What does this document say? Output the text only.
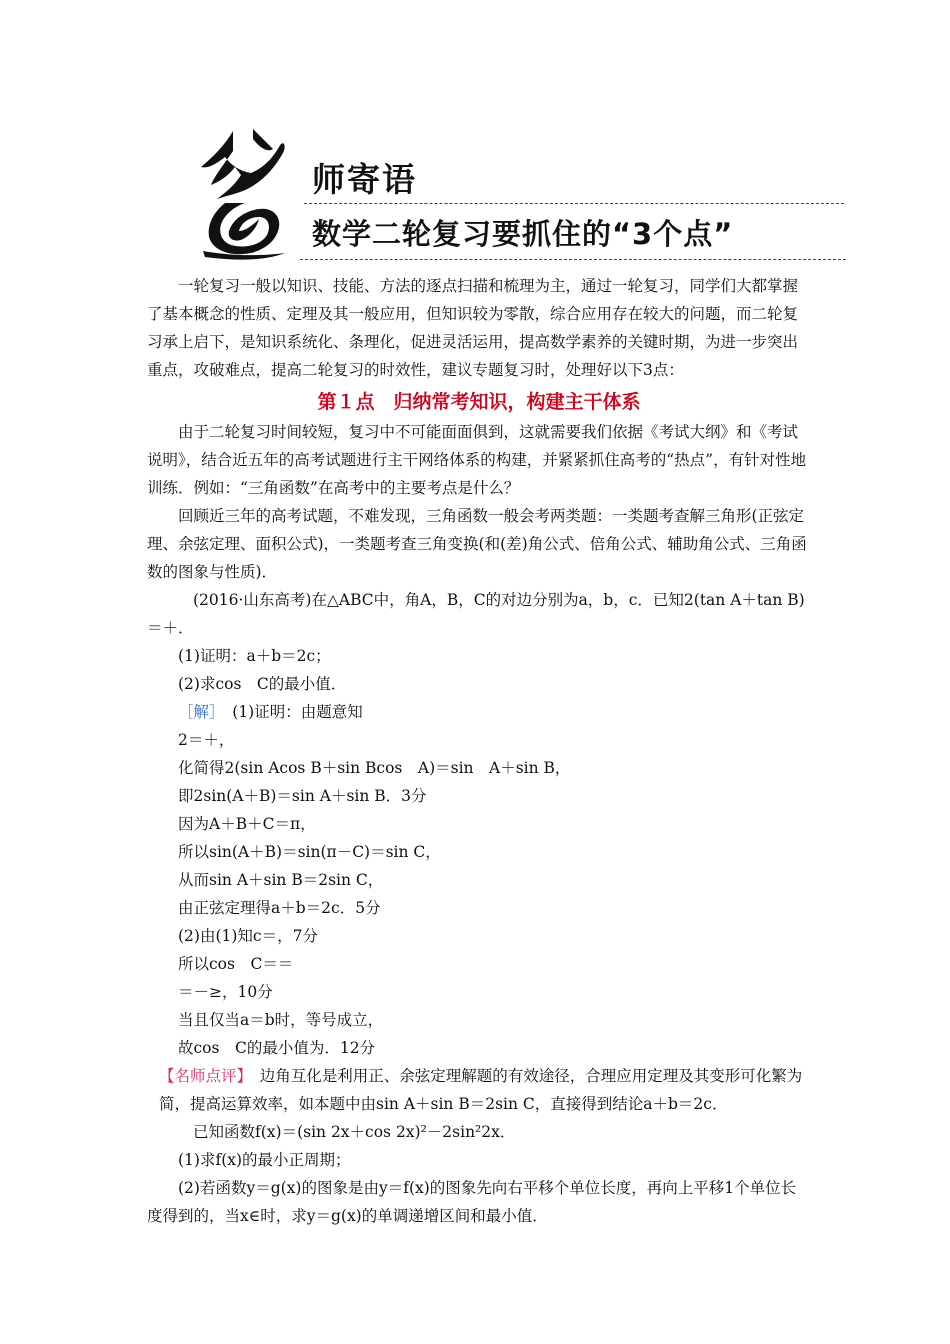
师寄语
数学二轮复习要抓住的“3个点”

一轮复习一般以知识、技能、方法的逐点扫描和梳理为主，通过一轮复习，同学们大都掌握了基本概念的性质、定理及其一般应用，但知识较为零散，综合应用存在较大的问题，而二轮复习承上启下，是知识系统化、条理化，促进灵活运用，提高数学素养的关键时期，为进一步突出重点，攻破难点，提高二轮复习的时效性，建议专题复习时，处理好以下3点：

第１点　归纳常考知识，构建主干体系

由于二轮复习时间较短，复习中不可能面面俱到，这就需要我们依据《考试大纲》和《考试说明》，结合近五年的高考试题进行主干网络体系的构建，并紧紧抓住高考的“热点”，有针对性地训练．例如：“三角函数”在高考中的主要考点是什么？

回顾近三年的高考试题，不难发现，三角函数一般会考两类题：一类题考查解三角形(正弦定理、余弦定理、面积公式)，一类题考查三角变换(和(差)角公式、倍角公式、辅助角公式、三角函数的图象与性质)．

(2016·山东高考)在△ABC中，角A，B，C的对边分别为a，b，c．已知2(tan A＋tan B)

＝＋．

(1)证明：a＋b＝2c；

(2)求cos　C的最小值．

［解］　(1)证明：由题意知

2＝＋，

化简得2(sin Acos B＋sin Bcos　A)＝sin　A＋sin B，

即2sin(A＋B)＝sin A＋sin B．3分

因为A＋B＋C＝π，

所以sin(A＋B)＝sin(π－C)＝sin C，

从而sin A＋sin B＝2sin C，

由正弦定理得a＋b＝2c．5分

(2)由(1)知c＝，7分

所以cos　C＝＝

＝－≥，10分

当且仅当a＝b时，等号成立，

故cos　C的最小值为．12分

【名师点评】　边角互化是利用正、余弦定理解题的有效途径，合理应用定理及其变形可化繁为简，提高运算效率，如本题中由sin A＋sin B＝2sin C，直接得到结论a＋b＝2c．

已知函数f(x)＝(sin 2x＋cos 2x)²－2sin²2x．

(1)求f(x)的最小正周期；

(2)若函数y＝g(x)的图象是由y＝f(x)的图象先向右平移个单位长度，再向上平移1个单位长度得到的，当x∈时，求y＝g(x)的单调递增区间和最小值．
